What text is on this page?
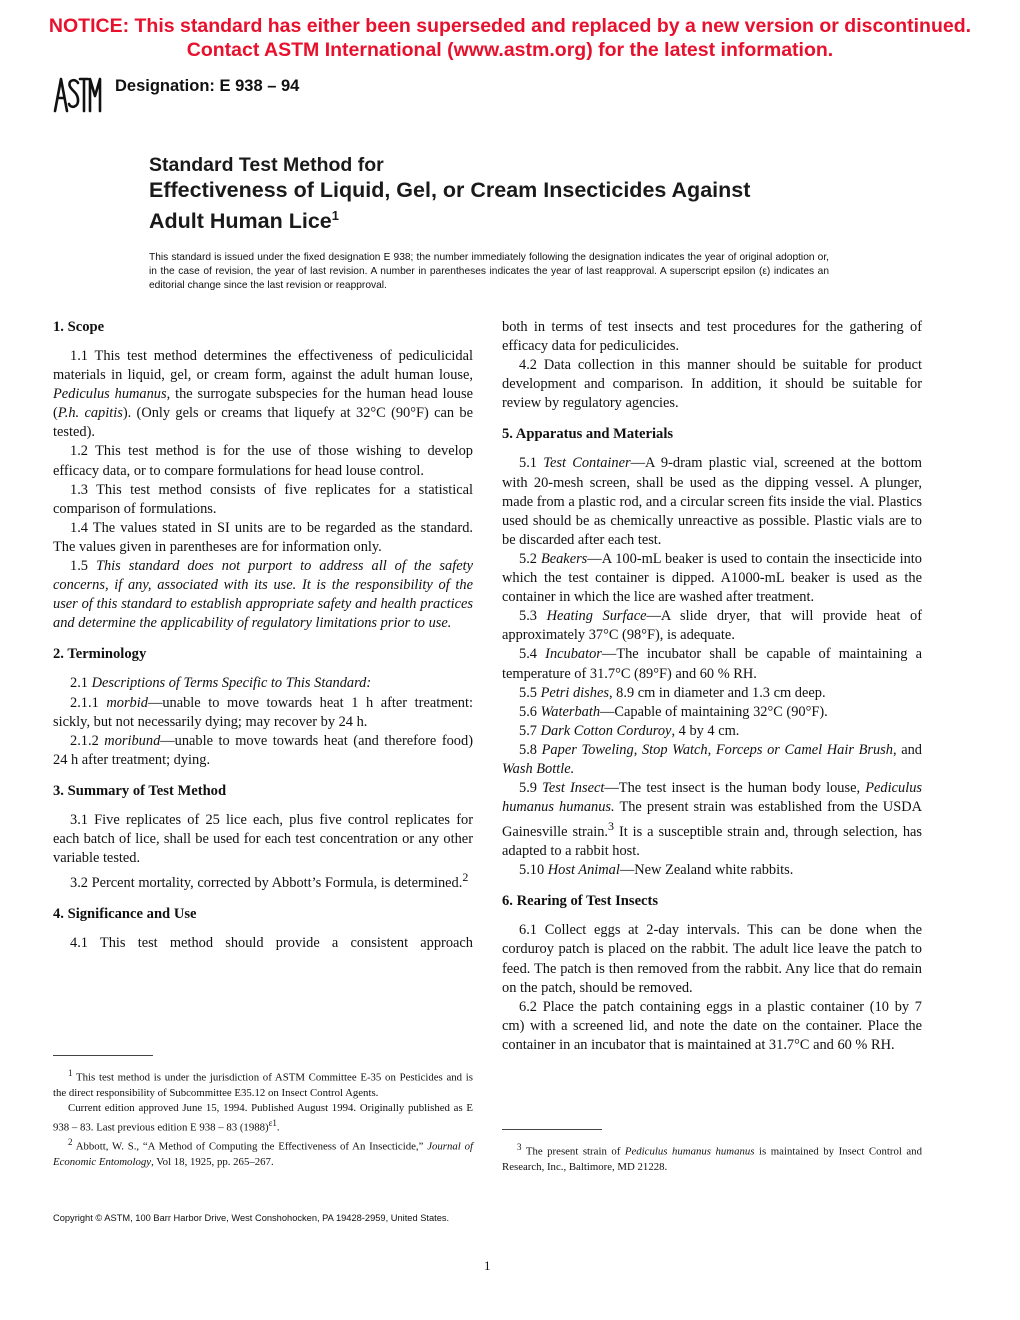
NOTICE: This standard has either been superseded and replaced by a new version or discontinued.
Contact ASTM International (www.astm.org) for the latest information.
ASTM
Designation: E 938 – 94
Standard Test Method for
Effectiveness of Liquid, Gel, or Cream Insecticides Against
Adult Human Lice$^1$
This standard is issued under the fixed designation E 938; the number immediately following the designation indicates the year of original adoption or, in the case of revision, the year of last revision. A number in parentheses indicates the year of last reapproval. A superscript epsilon (ε) indicates an editorial change since the last revision or reapproval.
1. Scope

1.1 This test method determines the effectiveness of pediculicidal materials in liquid, gel, or cream form, against the adult human louse, Pediculus humanus, the surrogate subspecies for the human head louse (P.h. capitis). (Only gels or creams that liquefy at 32°C (90°F) can be tested).

1.2 This test method is for the use of those wishing to develop efficacy data, or to compare formulations for head louse control.

1.3 This test method consists of five replicates for a statistical comparison of formulations.

1.4 The values stated in SI units are to be regarded as the standard. The values given in parentheses are for information only.

1.5 This standard does not purport to address all of the safety concerns, if any, associated with its use. It is the responsibility of the user of this standard to establish appropriate safety and health practices and determine the applicability of regulatory limitations prior to use.

2. Terminology

2.1 Descriptions of Terms Specific to This Standard:

2.1.1 morbid—unable to move towards heat 1 h after treatment: sickly, but not necessarily dying; may recover by 24 h.

2.1.2 moribund—unable to move towards heat (and therefore food) 24 h after treatment; dying.

3. Summary of Test Method

3.1 Five replicates of 25 lice each, plus five control replicates for each batch of lice, shall be used for each test concentration or any other variable tested.

3.2 Percent mortality, corrected by Abbott’s Formula, is determined.$^2$

4. Significance and Use

4.1 This test method should provide a consistent approach

$^1$ This test method is under the jurisdiction of ASTM Committee E-35 on Pesticides and is the direct responsibility of Subcommittee E35.12 on Insect Control Agents.

Current edition approved June 15, 1994. Published August 1994. Originally published as E 938 – 83. Last previous edition E 938 – 83 $(1988)^{\varepsilon 1}$.

$^2$ Abbott, W. S., “A Method of Computing the Effectiveness of An Insecticide,” Journal of Economic Entomology, Vol 18, 1925, pp. 265–267.

both in terms of test insects and test procedures for the gathering of efficacy data for pediculicides.

4.2 Data collection in this manner should be suitable for product development and comparison. In addition, it should be suitable for review by regulatory agencies.

5. Apparatus and Materials

5.1 Test Container—A 9-dram plastic vial, screened at the bottom with 20-mesh screen, shall be used as the dipping vessel. A plunger, made from a plastic rod, and a circular screen fits inside the vial. Plastics used should be as chemically unreactive as possible. Plastic vials are to be discarded after each test.

5.2 Beakers—A 100-mL beaker is used to contain the insecticide into which the test container is dipped. A1000-mL beaker is used as the container in which the lice are washed after treatment.

5.3 Heating Surface—A slide dryer, that will provide heat of approximately 37°C (98°F), is adequate.

5.4 Incubator—The incubator shall be capable of maintaining a temperature of 31.7°C (89°F) and 60 % RH.

5.5 Petri dishes, 8.9 cm in diameter and 1.3 cm deep.

5.6 Waterbath—Capable of maintaining 32°C (90°F).

5.7 Dark Cotton Corduroy, 4 by 4 cm.

5.8 Paper Toweling, Stop Watch, Forceps or Camel Hair Brush, and Wash Bottle.

5.9 Test Insect—The test insect is the human body louse, Pediculus humanus humanus. The present strain was established from the USDA Gainesville strain.$^3$ It is a susceptible strain and, through selection, has adapted to a rabbit host.

5.10 Host Animal—New Zealand white rabbits.

6. Rearing of Test Insects

6.1 Collect eggs at 2-day intervals. This can be done when the corduroy patch is placed on the rabbit. The adult lice leave the patch to feed. The patch is then removed from the rabbit. Any lice that do remain on the patch, should be removed.

6.2 Place the patch containing eggs in a plastic container (10 by 7 cm) with a screened lid, and note the date on the container. Place the container in an incubator that is maintained at 31.7°C and 60 % RH.

$^3$ The present strain of Pediculus humanus humanus is maintained by Insect Control and Research, Inc., Baltimore, MD 21228.

Copyright © ASTM, 100 Barr Harbor Drive, West Conshohocken, PA 19428-2959, United States.
1
